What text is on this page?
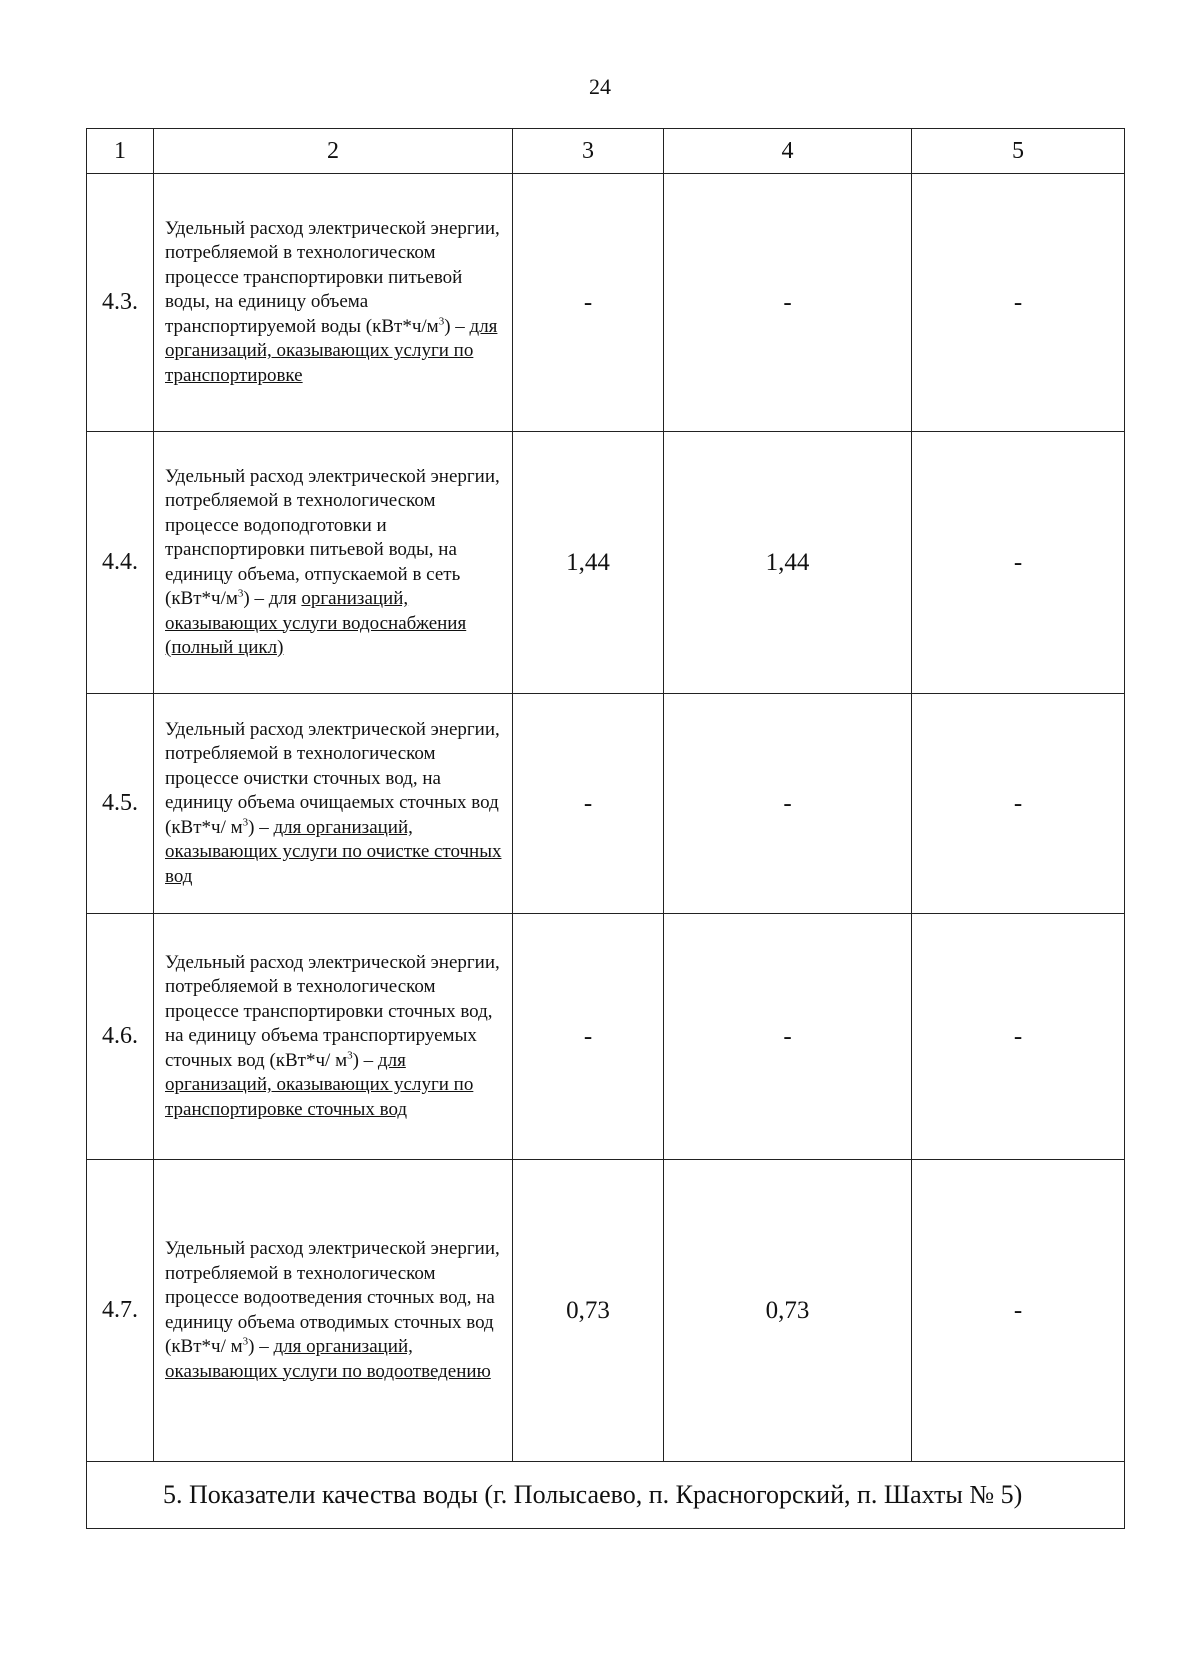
24
1	2	3	4	5
4.3.	Удельный расход электрической энергии, потребляемой в технологическом процессе транспортировки питьевой воды, на единицу объема транспортируемой воды $(кВт*ч/м^3)$ – для организаций, оказывающих услуги по транспортировке	-	-	-
4.4.	Удельный расход электрической энергии, потребляемой в технологическом процессе водоподготовки и транспортировки питьевой воды, на единицу объема, отпускаемой в сеть $(кВт*ч/м^3)$ – для организаций, оказывающих услуги водоснабжения (полный цикл)	1,44	1,44	-
4.5.	Удельный расход электрической энергии, потребляемой в технологическом процессе очистки сточных вод, на единицу объема очищаемых сточных вод (кВт*ч/ $м^3$) – для организаций, оказывающих услуги по очистке сточных вод	-	-	-
4.6.	Удельный расход электрической энергии, потребляемой в технологическом процессе транспортировки сточных вод, на единицу объема транспортируемых сточных вод (кВт*ч/ $м^3$) – для организаций, оказывающих услуги по транспортировке сточных вод	-	-	-
4.7.	Удельный расход электрической энергии, потребляемой в технологическом процессе водоотведения сточных вод, на единицу объема отводимых сточных вод (кВт*ч/ $м^3$) – для организаций, оказывающих услуги по водоотведению	0,73	0,73	-
5. Показатели качества воды (г. Полысаево, п. Красногорский, п. Шахты № 5)				
